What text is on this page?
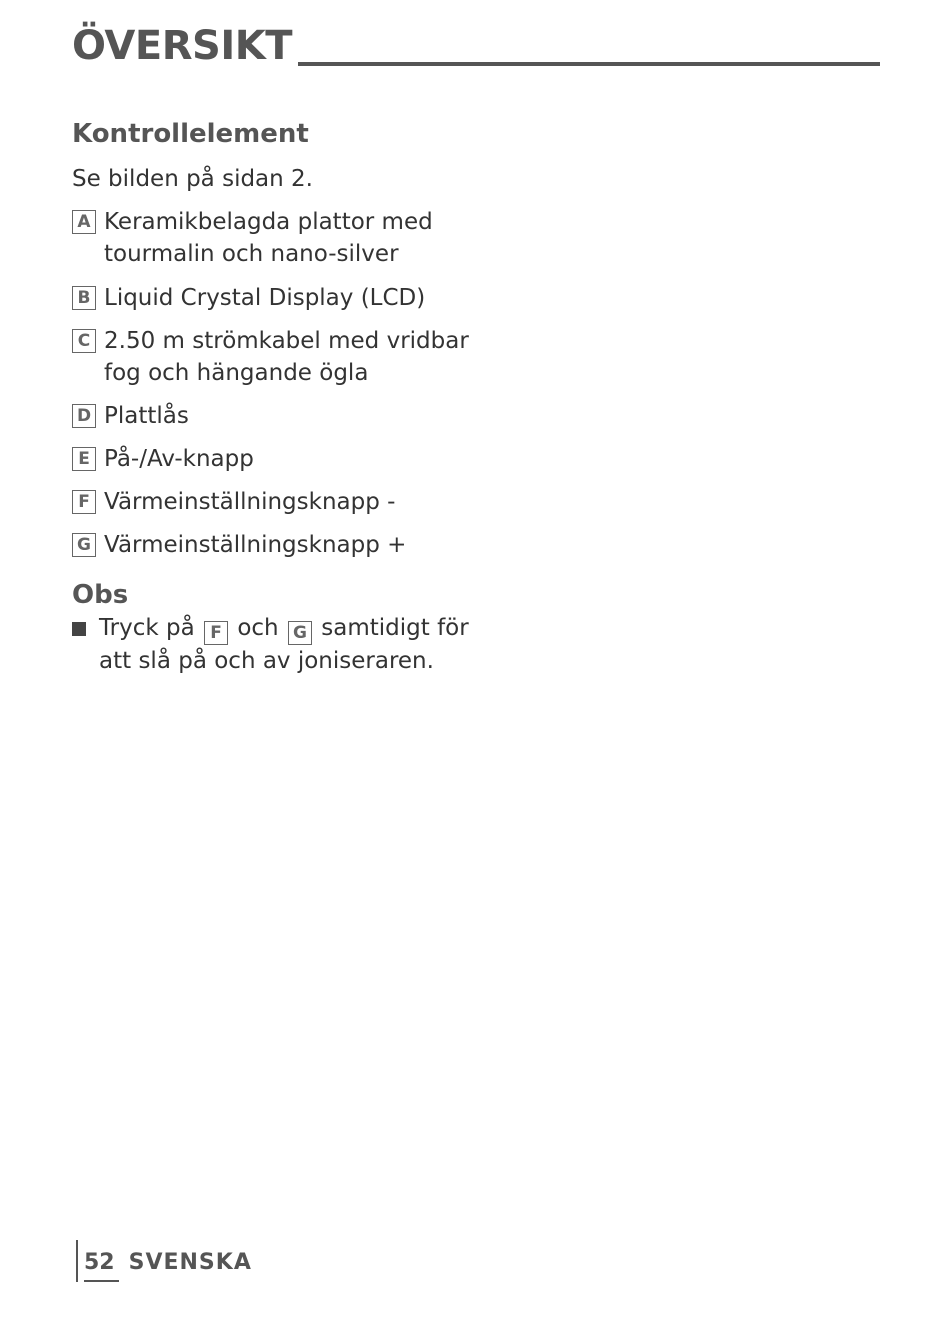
ÖVERSIKT
Kontrollelement
Se bilden på sidan 2.
A Keramikbelagda plattor med
tourmalin och nano-silver
B Liquid Crystal Display (LCD)
C 2.50 m strömkabel med vridbar
fog och hängande ögla
D Plattlås
E På-/Av-knapp
F Värmeinställningsknapp -
G Värmeinställningsknapp +
Obs
Tryck på F och G samtidigt för
att slå på och av joniseraren.
52 SVENSKA
